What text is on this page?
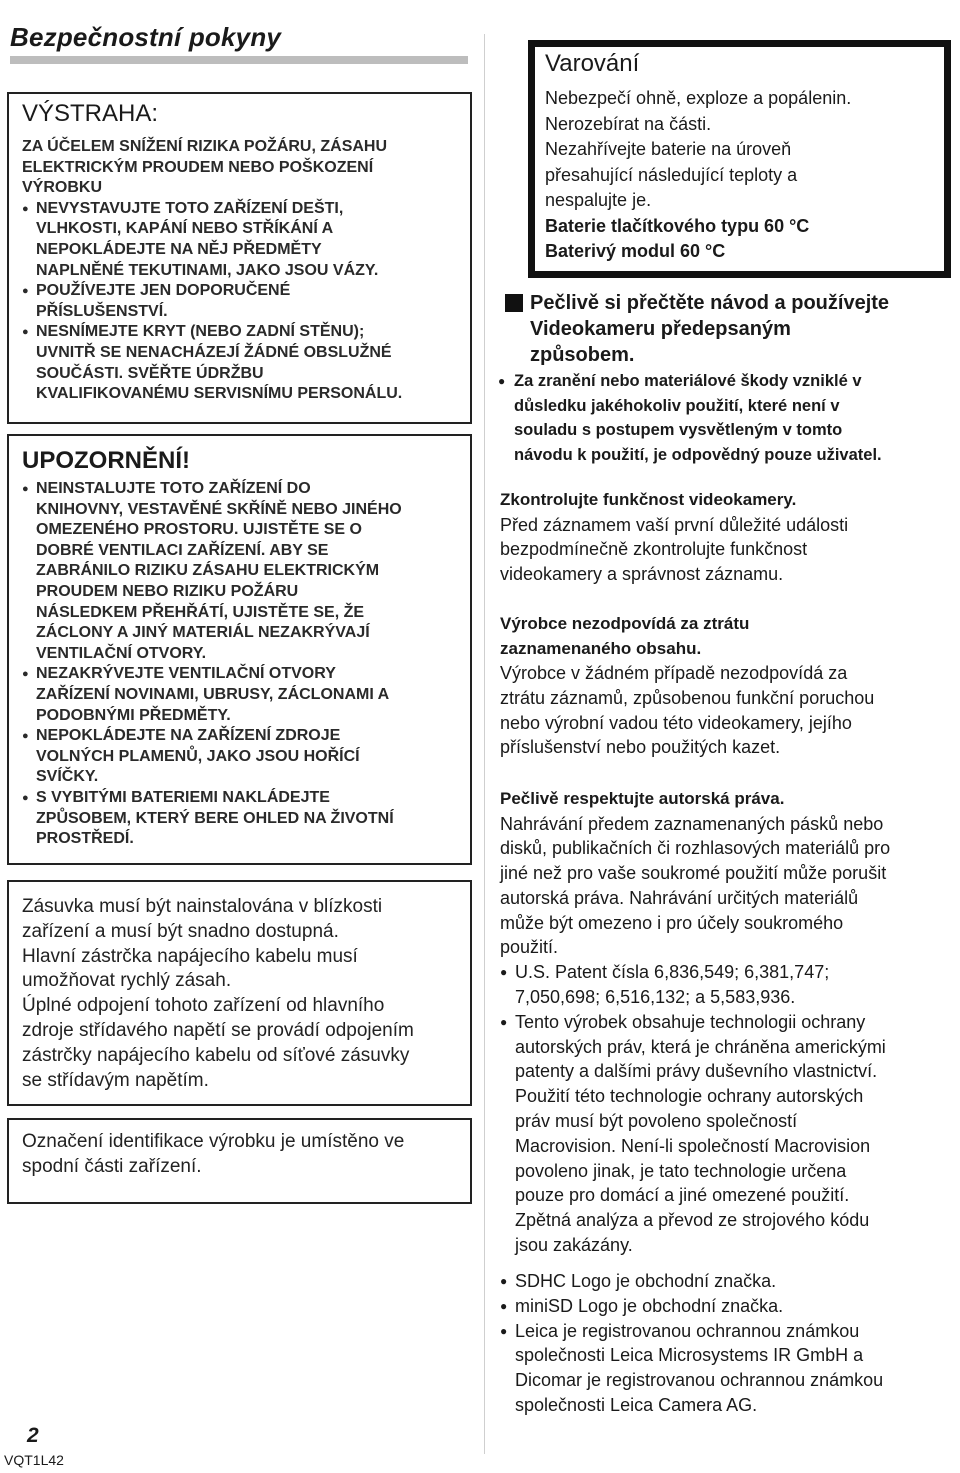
Bezpečnostní pokyny
VÝSTRAHA:
ZA ÚČELEM SNÍŽENÍ RIZIKA POŽÁRU, ZÁSAHU
ELEKTRICKÝM PROUDEM NEBO POŠKOZENÍ
VÝROBKU
● NEVYSTAVUJTE TOTO ZAŘÍZENÍ DEŠTI,
VLHKOSTI, KAPÁNÍ NEBO STŘÍKÁNÍ A
NEPOKLÁDEJTE NA NĚJ PŘEDMĚTY
NAPLNĚNÉ TEKUTINAMI, JAKO JSOU VÁZY.
● POUŽÍVEJTE JEN DOPORUČENÉ
PŘÍSLUŠENSTVÍ.
● NESNÍMEJTE KRYT (NEBO ZADNÍ STĚNU);
UVNITŘ SE NENACHÁZEJÍ ŽÁDNÉ OBSLUŽNÉ
SOUČÁSTI. SVĚŘTE ÚDRŽBU
KVALIFIKOVANÉMU SERVISNÍMU PERSONÁLU.
UPOZORNĚNÍ!
● NEINSTALUJTE TOTO ZAŘÍZENÍ DO
KNIHOVNY, VESTAVĚNÉ SKŘÍNĚ NEBO JINÉHO
OMEZENÉHO PROSTORU. UJISTĚTE SE O
DOBRÉ VENTILACI ZAŘÍZENÍ. ABY SE
ZABRÁNILO RIZIKU ZÁSAHU ELEKTRICKÝM
PROUDEM NEBO RIZIKU POŽÁRU
NÁSLEDKEM PŘEHŘÁTÍ, UJISTĚTE SE, ŽE
ZÁCLONY A JINÝ MATERIÁL NEZAKRÝVAJÍ
VENTILAČNÍ OTVORY.
● NEZAKRÝVEJTE VENTILAČNÍ OTVORY
ZAŘÍZENÍ NOVINAMI, UBRUSY, ZÁCLONAMI A
PODOBNÝMI PŘEDMĚTY.
● NEPOKLÁDEJTE NA ZAŘÍZENÍ ZDROJE
VOLNÝCH PLAMENŮ, JAKO JSOU HOŘÍCÍ
SVÍČKY.
● S VYBITÝMI BATERIEMI NAKLÁDEJTE
ZPŮSOBEM, KTERÝ BERE OHLED NA ŽIVOTNÍ
PROSTŘEDÍ.
Zásuvka musí být nainstalována v blízkosti
zařízení a musí být snadno dostupná.
Hlavní zástrčka napájecího kabelu musí
umožňovat rychlý zásah.
Úplné odpojení tohoto zařízení od hlavního
zdroje střídavého napětí se provádí odpojením
zástrčky napájecího kabelu od síťové zásuvky
se střídavým napětím.
Označení identifikace výrobku je umístěno ve
spodní části zařízení.
2
VQT1L42
Varování
Nebezpečí ohně, exploze a popálenin.
Nerozebírat na části.
Nezahřívejte baterie na úroveň
přesahující následující teploty a
nespalujte je.
Baterie tlačítkového typu 60 °C
Baterivý modul 60 °C
Pečlivě si přečtěte návod a používejte
Videokameru předepsaným
způsobem.
● Za zranění nebo materiálové škody vzniklé v
důsledku jakéhokoliv použití, které není v
souladu s postupem vysvětleným v tomto
návodu k použití, je odpovědný pouze uživatel.
Zkontrolujte funkčnost videokamery.
Před záznamem vaší první důležité události
bezpodmínečně zkontrolujte funkčnost
videokamery a správnost záznamu.
Výrobce nezodpovídá za ztrátu
zaznamenaného obsahu.
Výrobce v žádném případě nezodpovídá za
ztrátu záznamů, způsobenou funkční poruchou
nebo výrobní vadou této videokamery, jejího
příslušenství nebo použitých kazet.
Pečlivě respektujte autorská práva.
Nahrávání předem zaznamenaných pásků nebo
disků, publikačních či rozhlasových materiálů pro
jiné než pro vaše soukromé použití může porušit
autorská práva. Nahrávání určitých materiálů
může být omezeno i pro účely soukromého
použití.
● U.S. Patent čísla 6,836,549; 6,381,747;
7,050,698; 6,516,132; a 5,583,936.
● Tento výrobek obsahuje technologii ochrany
autorských práv, která je chráněna americkými
patenty a dalšími právy duševního vlastnictví.
Použití této technologie ochrany autorských
práv musí být povoleno společností
Macrovision. Není-li společností Macrovision
povoleno jinak, je tato technologie určena
pouze pro domácí a jiné omezené použití.
Zpětná analýza a převod ze strojového kódu
jsou zakázány.
● SDHC Logo je obchodní značka.
● miniSD Logo je obchodní značka.
● Leica je registrovanou ochrannou známkou
společnosti Leica Microsystems IR GmbH a
Dicomar je registrovanou ochrannou známkou
společnosti Leica Camera AG.
